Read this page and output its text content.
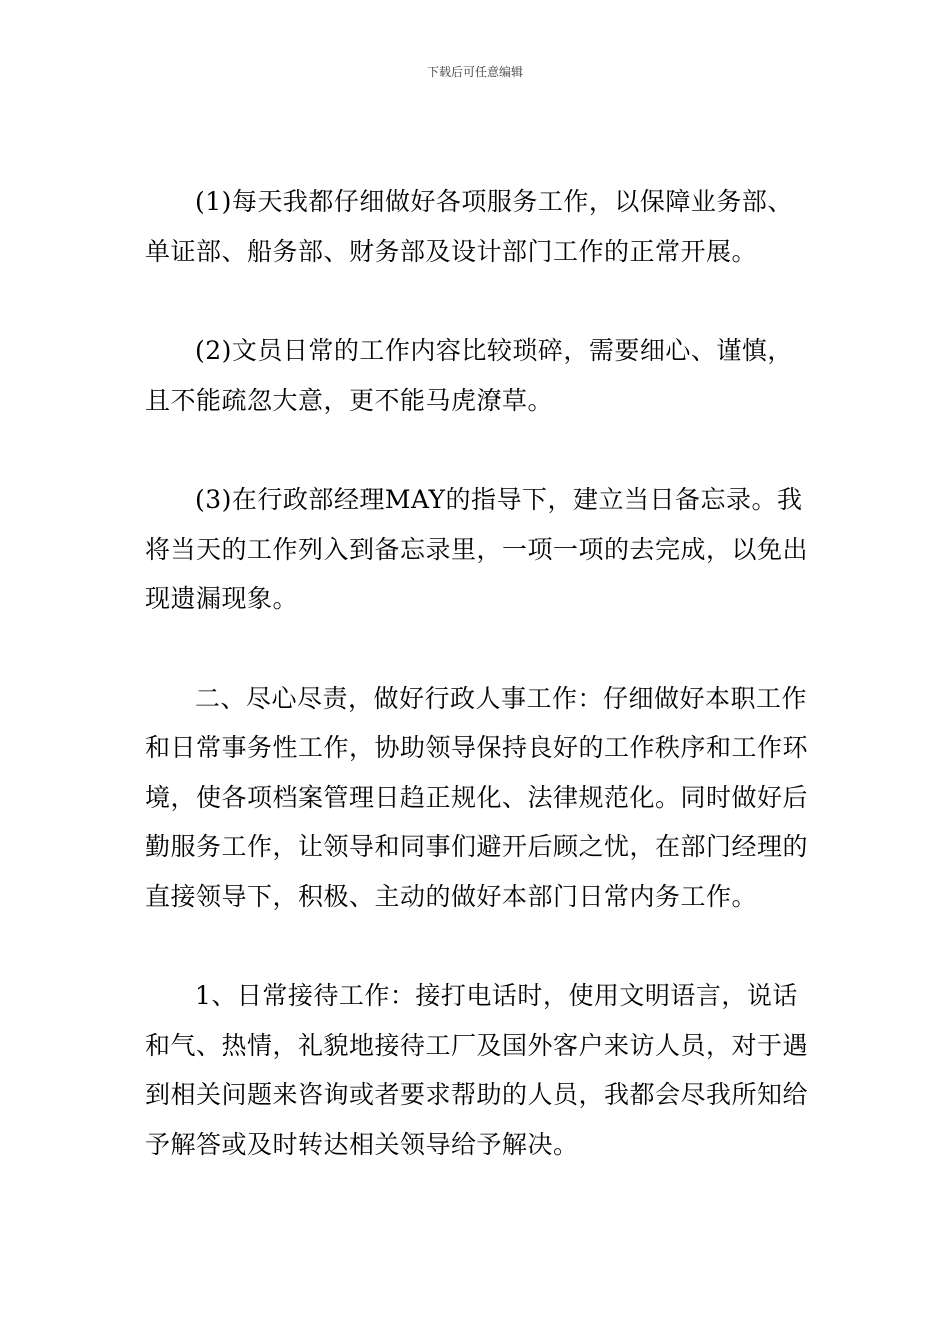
下载后可任意编辑

(1)每天我都仔细做好各项服务工作，以保障业务部、单证部、船务部、财务部及设计部门工作的正常开展。

(2)文员日常的工作内容比较琐碎，需要细心、谨慎，且不能疏忽大意，更不能马虎潦草。

(3)在行政部经理MAY的指导下，建立当日备忘录。我将当天的工作列入到备忘录里，一项一项的去完成，以免出现遗漏现象。

二、尽心尽责，做好行政人事工作：仔细做好本职工作和日常事务性工作，协助领导保持良好的工作秩序和工作环境，使各项档案管理日趋正规化、法律规范化。同时做好后勤服务工作，让领导和同事们避开后顾之忧，在部门经理的直接领导下，积极、主动的做好本部门日常内务工作。

1、日常接待工作：接打电话时，使用文明语言，说话和气、热情，礼貌地接待工厂及国外客户来访人员，对于遇到相关问题来咨询或者要求帮助的人员，我都会尽我所知给予解答或及时转达相关领导给予解决。
